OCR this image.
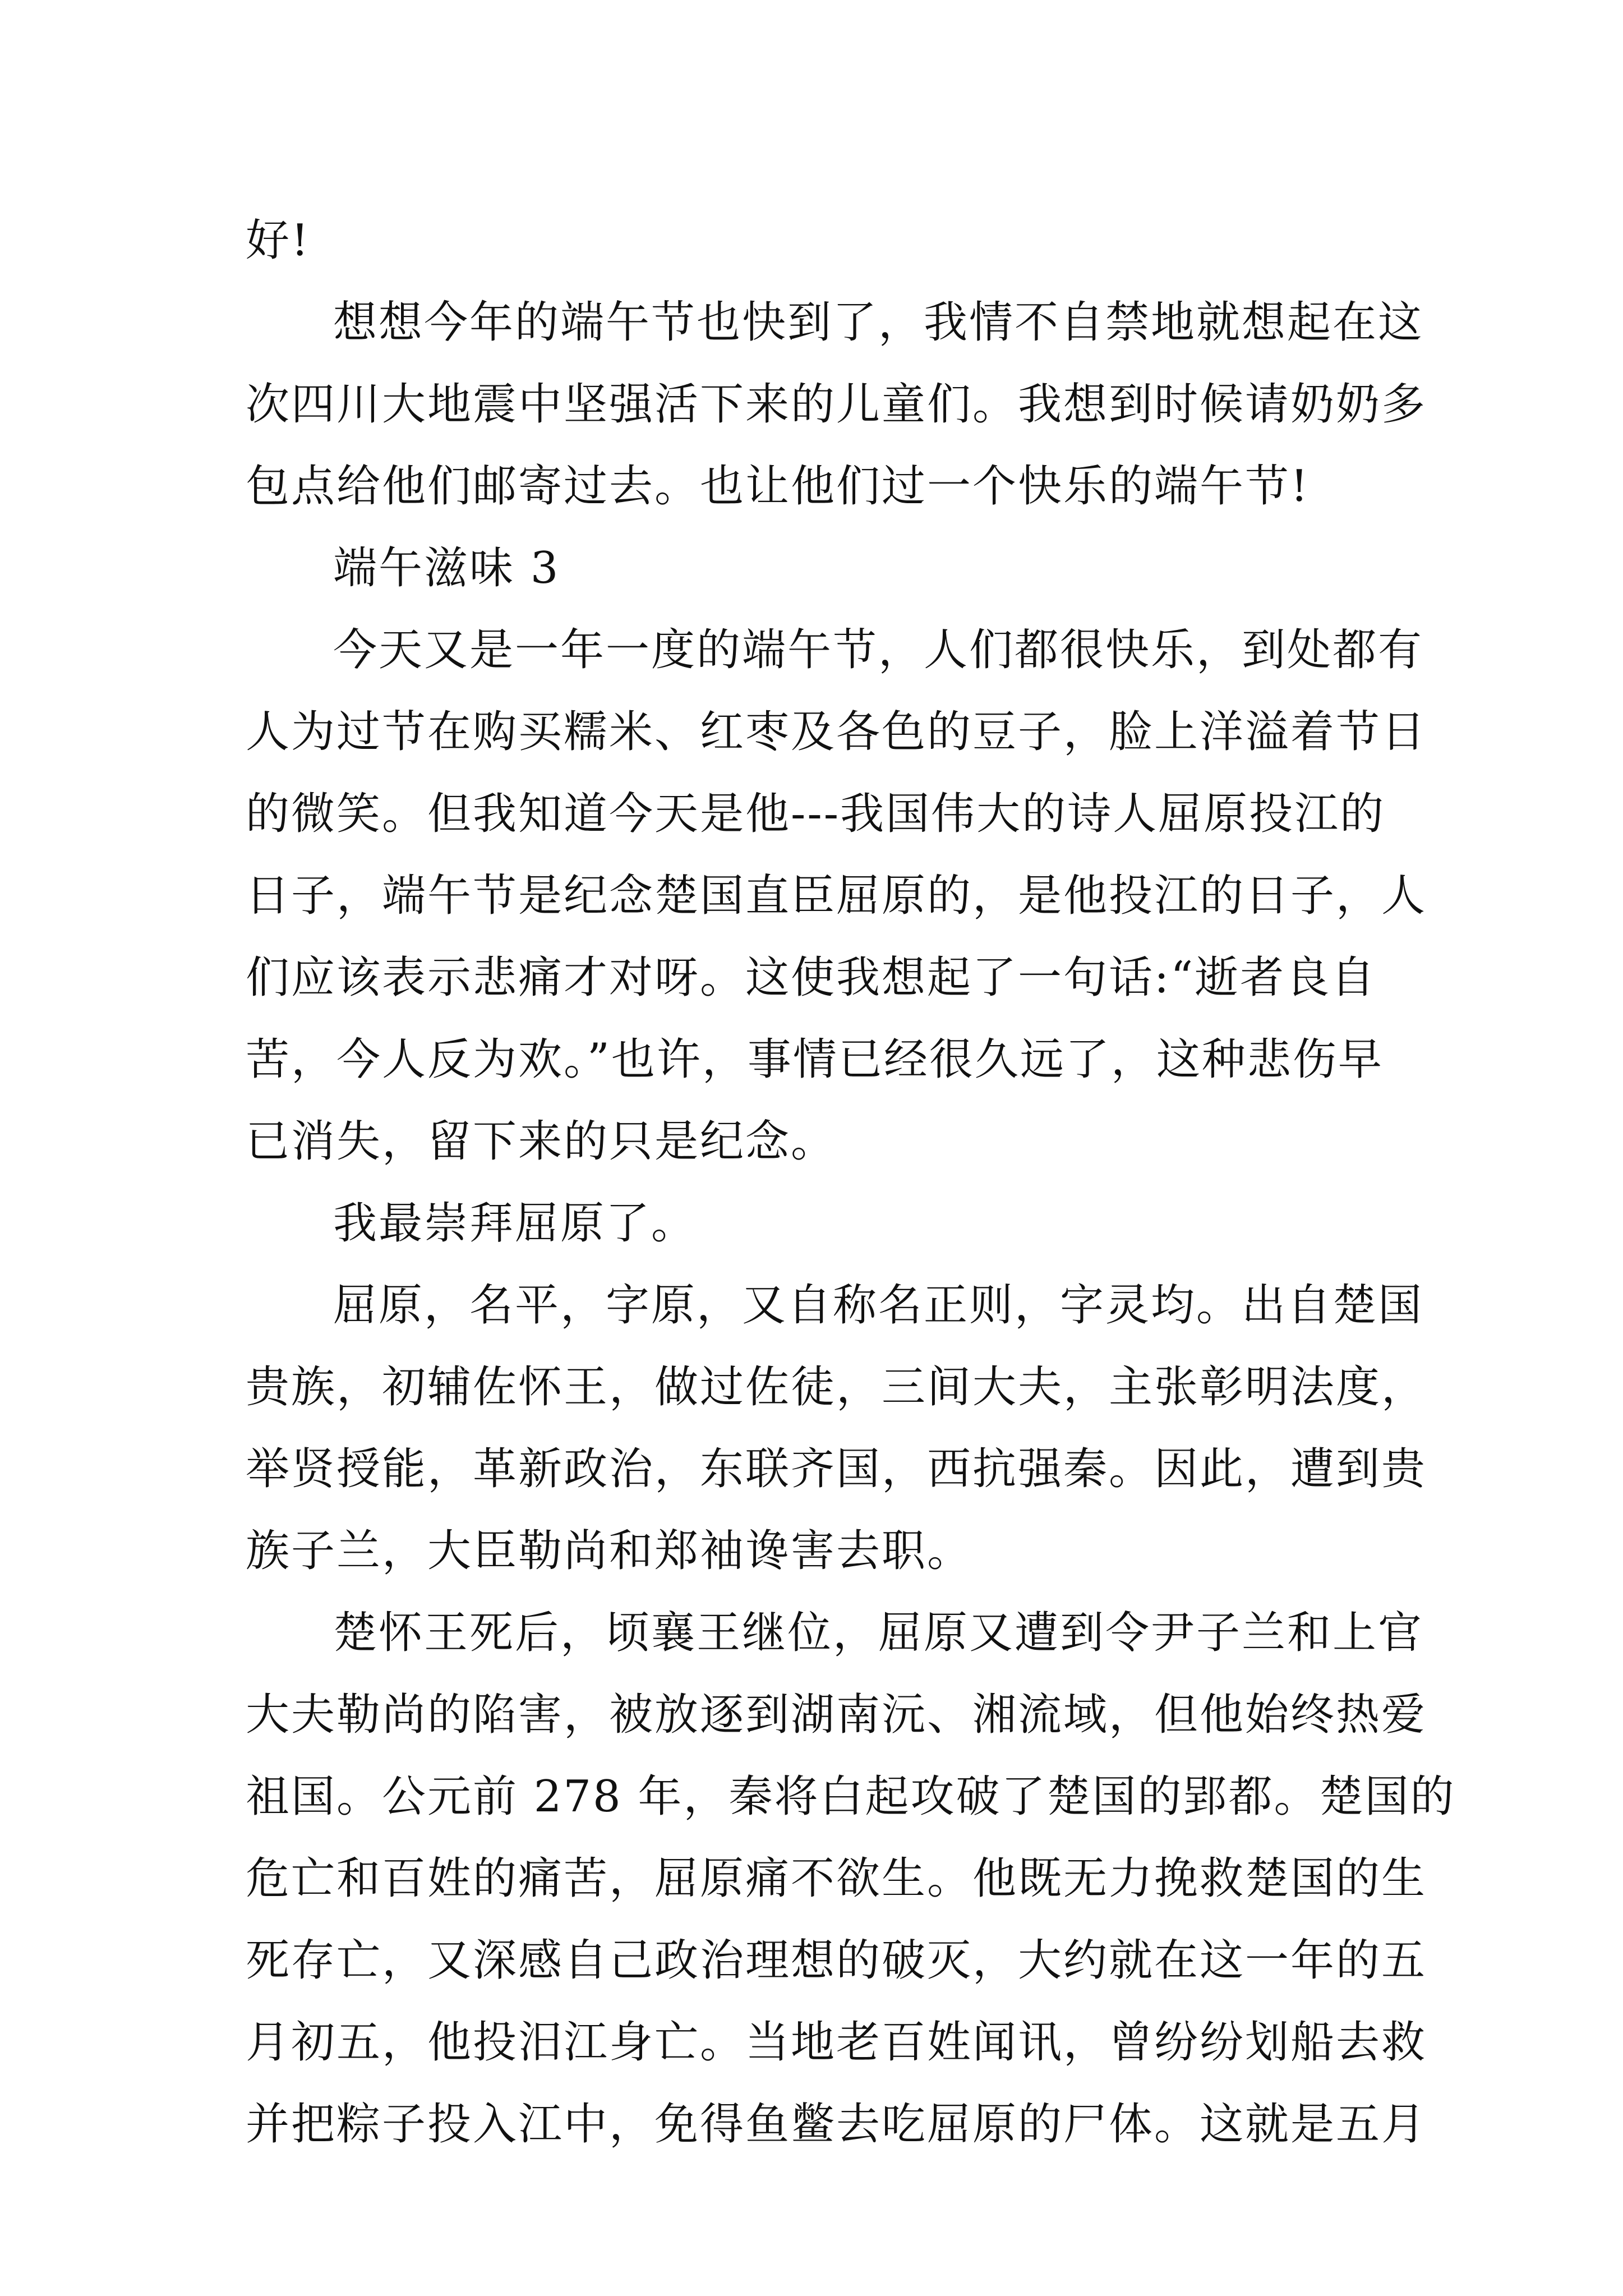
好!
想想今年的端午节也快到了，我情不自禁地就想起在这
次四川大地震中坚强活下来的儿童们。我想到时候请奶奶多
包点给他们邮寄过去。也让他们过一个快乐的端午节!
端午滋味 3
今天又是一年一度的端午节，人们都很快乐，到处都有
人为过节在购买糯米、红枣及各色的豆子，脸上洋溢着节日
的微笑。但我知道今天是他---我国伟大的诗人屈原投江的
日子，端午节是纪念楚国直臣屈原的，是他投江的日子，人
们应该表示悲痛才对呀。这使我想起了一句话:“逝者良自
苦，今人反为欢。”也许，事情已经很久远了，这种悲伤早
已消失，留下来的只是纪念。
我最崇拜屈原了。
屈原，名平，字原，又自称名正则，字灵均。出自楚国
贵族，初辅佐怀王，做过佐徒，三间大夫，主张彰明法度，
举贤授能，革新政治，东联齐国，西抗强秦。因此，遭到贵
族子兰，大臣勒尚和郑袖谗害去职。
楚怀王死后，顷襄王继位，屈原又遭到令尹子兰和上官
大夫勒尚的陷害，被放逐到湖南沅、湘流域，但他始终热爱
祖国。公元前 278 年，秦将白起攻破了楚国的郢都。楚国的
危亡和百姓的痛苦，屈原痛不欲生。他既无力挽救楚国的生
死存亡，又深感自己政治理想的破灭，大约就在这一年的五
月初五，他投汨江身亡。当地老百姓闻讯，曾纷纷划船去救
并把粽子投入江中，免得鱼鳖去吃屈原的尸体。这就是五月
